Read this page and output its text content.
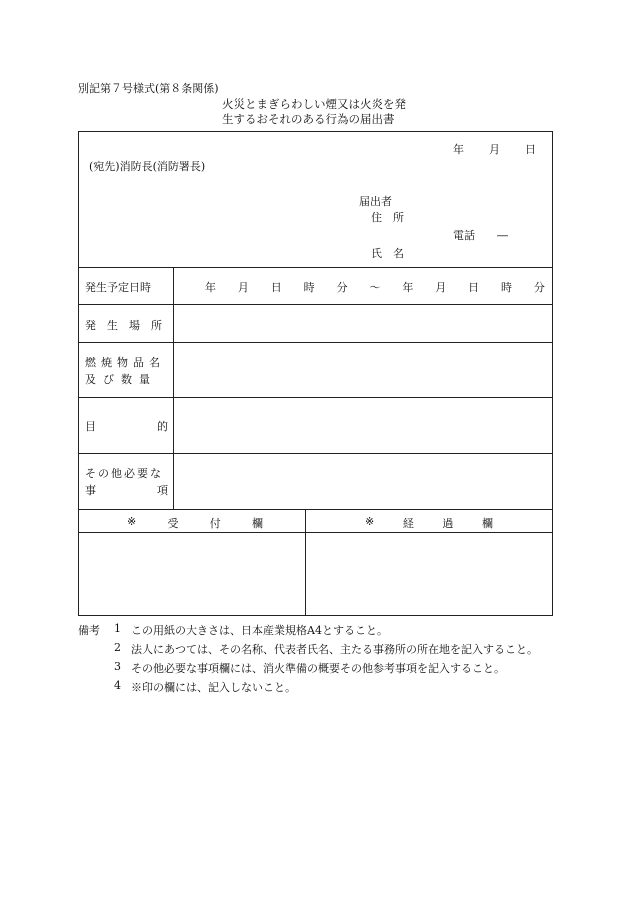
別記第７号様式(第８条関係)
火災とまぎらわしい煙又は火炎を発
生するおそれのある行為の届出書
年 月 日
(宛先)消防長(消防署長)
届出者
住　所
電話　　―
氏　名
発生予定日時	年 月 日 時 分 〜 年 月 日 時 分
発　生　場　所
燃焼物品名
及び数量
目	的
その他必要な
事	項
※	受	付	欄	※	経	過	欄
備考 1 この用紙の大きさは、日本産業規格A4とすること。
2 法人にあつては、その名称、代表者氏名、主たる事務所の所在地を記入すること。
3 その他必要な事項欄には、消火準備の概要その他参考事項を記入すること。
4 ※印の欄には、記入しないこと。
